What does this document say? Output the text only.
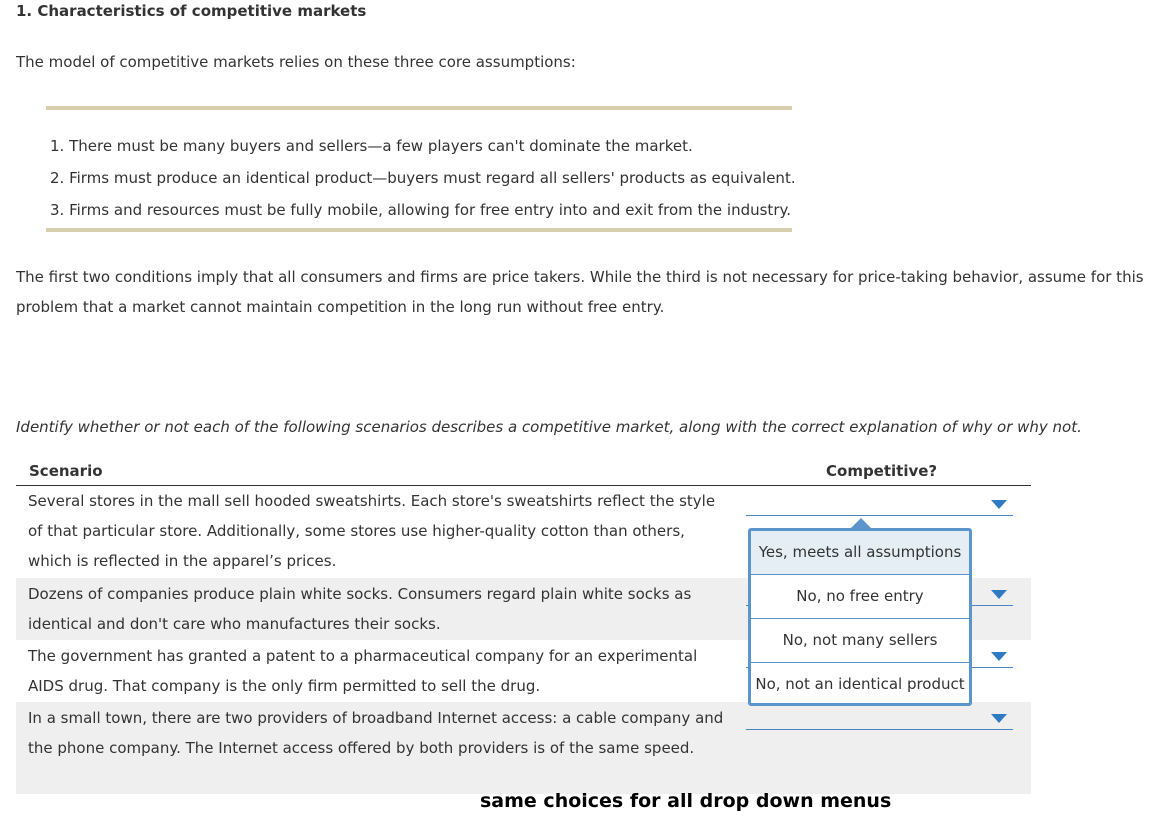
1. Characteristics of competitive markets

The model of competitive markets relies on these three core assumptions:

1. There must be many buyers and sellers—a few players can't dominate the market.
2. Firms must produce an identical product—buyers must regard all sellers' products as equivalent.
3. Firms and resources must be fully mobile, allowing for free entry into and exit from the industry.

The first two conditions imply that all consumers and firms are price takers. While the third is not necessary for price-taking behavior, assume for this problem that a market cannot maintain competition in the long run without free entry.

Identify whether or not each of the following scenarios describes a competitive market, along with the correct explanation of why or why not.

Scenario	Competitive?
Several stores in the mall sell hooded sweatshirts. Each store's sweatshirts reflect the style of that particular store. Additionally, some stores use higher-quality cotton than others, which is reflected in the apparel’s prices.
Dozens of companies produce plain white socks. Consumers regard plain white socks as identical and don't care who manufactures their socks.
The government has granted a patent to a pharmaceutical company for an experimental AIDS drug. That company is the only firm permitted to sell the drug.
In a small town, there are two providers of broadband Internet access: a cable company and the phone company. The Internet access offered by both providers is of the same speed.
Yes, meets all assumptions
No, no free entry
No, not many sellers
No, not an identical product

same choices for all drop down menus
